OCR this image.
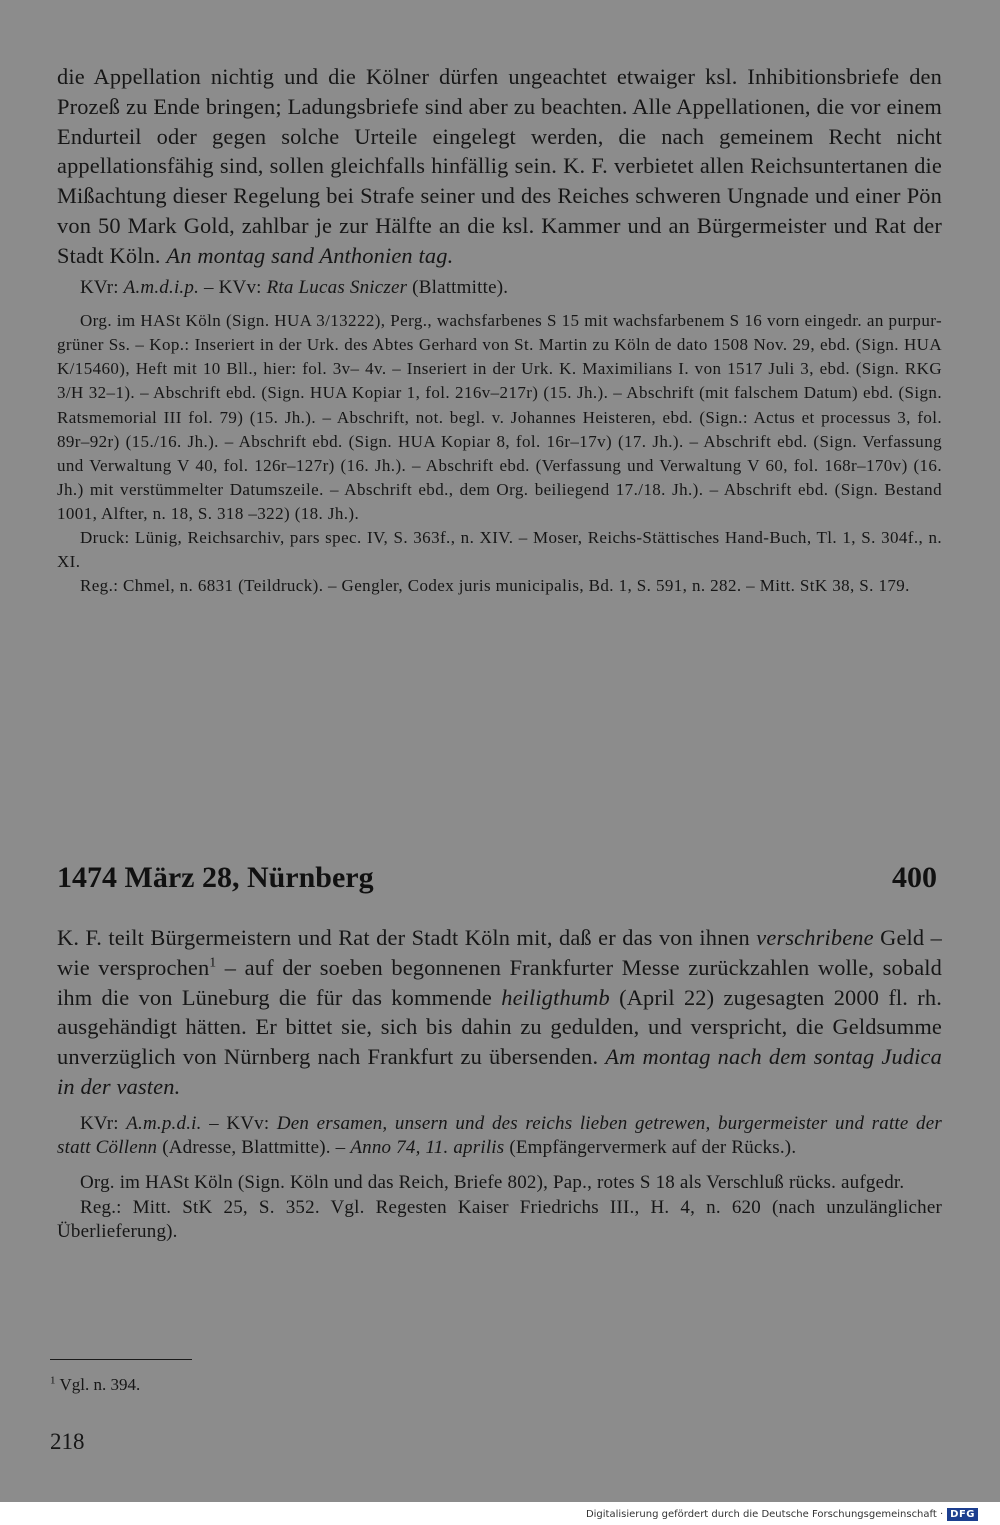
die Appellation nichtig und die Kölner dürfen ungeachtet etwaiger ksl. Inhibitionsbriefe den Prozeß zu Ende bringen; Ladungsbriefe sind aber zu beachten. Alle Appellationen, die vor einem Endurteil oder gegen solche Urteile eingelegt werden, die nach gemeinem Recht nicht appellationsfähig sind, sollen gleichfalls hinfällig sein. K. F. verbietet allen Reichsuntertanen die Mißachtung dieser Regelung bei Strafe seiner und des Reiches schweren Ungnade und einer Pön von 50 Mark Gold, zahlbar je zur Hälfte an die ksl. Kammer und an Bürgermeister und Rat der Stadt Köln. An montag sand Anthonien tag.

KVr: A.m.d.i.p. – KVv: Rta Lucas Sniczer (Blattmitte).

Org. im HASt Köln (Sign. HUA 3/13222), Perg., wachsfarbenes S 15 mit wachsfarbenem S 16 vorn eingedr. an purpur-grüner Ss. – Kop.: Inseriert in der Urk. des Abtes Gerhard von St. Martin zu Köln de dato 1508 Nov. 29, ebd. (Sign. HUA K/15460), Heft mit 10 Bll., hier: fol. 3v– 4v. – Inseriert in der Urk. K. Maximilians I. von 1517 Juli 3, ebd. (Sign. RKG 3/H 32–1). – Abschrift ebd. (Sign. HUA Kopiar 1, fol. 216v–217r) (15. Jh.). – Abschrift (mit falschem Datum) ebd. (Sign. Ratsmemorial III fol. 79) (15. Jh.). – Abschrift, not. begl. v. Johannes Heisteren, ebd. (Sign.: Actus et processus 3, fol. 89r–92r) (15./16. Jh.). – Abschrift ebd. (Sign. HUA Kopiar 8, fol. 16r–17v) (17. Jh.). – Abschrift ebd. (Sign. Verfassung und Verwaltung V 40, fol. 126r–127r) (16. Jh.). – Abschrift ebd. (Verfassung und Verwaltung V 60, fol. 168r–170v) (16. Jh.) mit verstümmelter Datumszeile. – Abschrift ebd., dem Org. beiliegend 17./18. Jh.). – Abschrift ebd. (Sign. Bestand 1001, Alfter, n. 18, S. 318 –322) (18. Jh.).

Druck: Lünig, Reichsarchiv, pars spec. IV, S. 363f., n. XIV. – Moser, Reichs-Stättisches Hand-Buch, Tl. 1, S. 304f., n. XI.

Reg.: Chmel, n. 6831 (Teildruck). – Gengler, Codex juris municipalis, Bd. 1, S. 591, n. 282. – Mitt. StK 38, S. 179.

1474 März 28, Nürnberg	400

K. F. teilt Bürgermeistern und Rat der Stadt Köln mit, daß er das von ihnen verschribene Geld – wie versprochen$^1$ – auf der soeben begonnenen Frankfurter Messe zurückzahlen wolle, sobald ihm die von Lüneburg die für das kommende heiligthumb (April 22) zugesagten 2000 fl. rh. ausgehändigt hätten. Er bittet sie, sich bis dahin zu gedulden, und verspricht, die Geldsumme unverzüglich von Nürnberg nach Frankfurt zu übersenden. Am montag nach dem sontag Judica in der vasten.

KVr: A.m.p.d.i. – KVv: Den ersamen, unsern und des reichs lieben getrewen, burgermeister und ratte der statt Cöllenn (Adresse, Blattmitte). – Anno 74, 11. aprilis (Empfängervermerk auf der Rücks.).

Org. im HASt Köln (Sign. Köln und das Reich, Briefe 802), Pap., rotes S 18 als Verschluß rücks. aufgedr.

Reg.: Mitt. StK 25, S. 352. Vgl. Regesten Kaiser Friedrichs III., H. 4, n. 620 (nach unzulänglicher Überlieferung).

$^1$ Vgl. n. 394.
218
Digitalisierung gefördert durch die Deutsche Forschungsgemeinschaft · DFG
